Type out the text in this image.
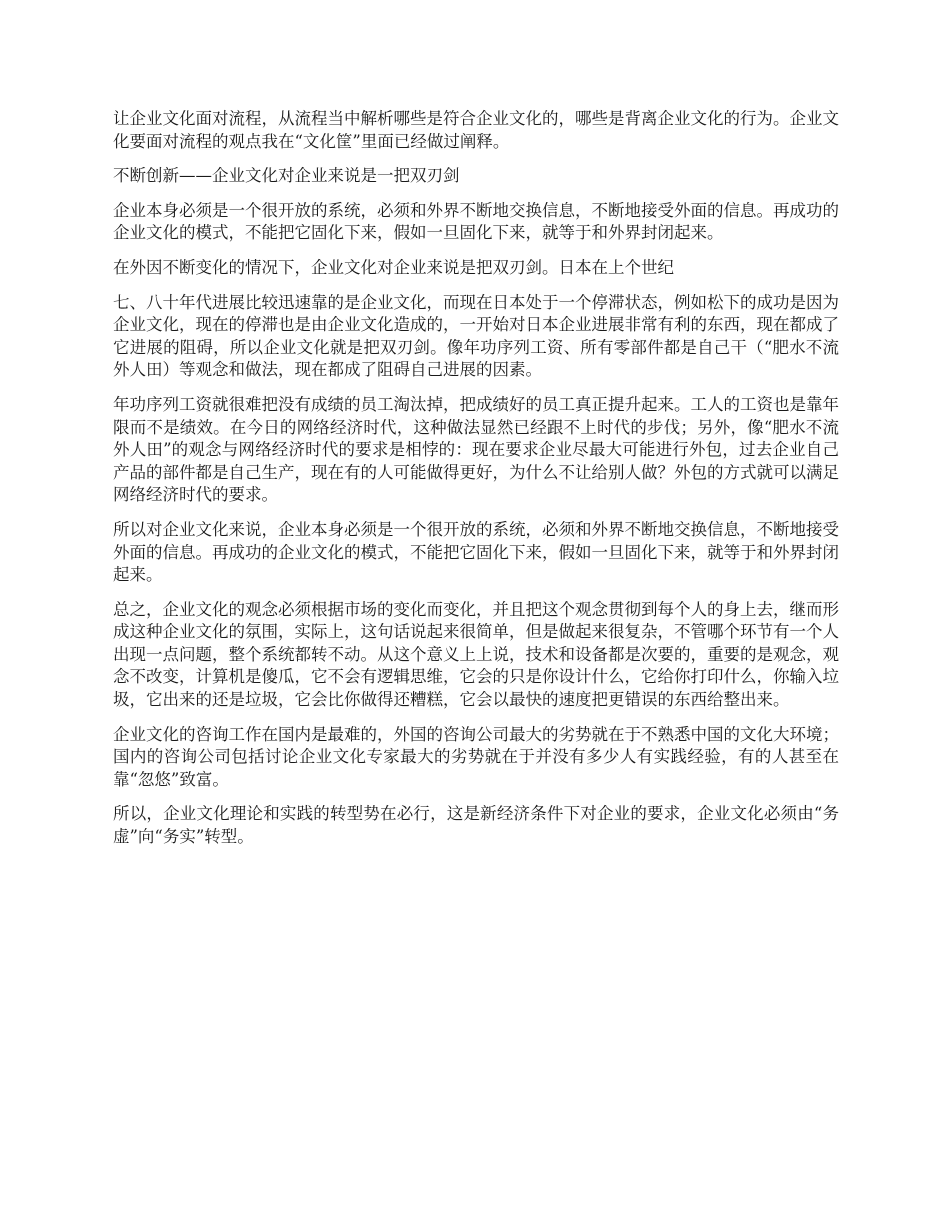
让企业文化面对流程，从流程当中解析哪些是符合企业文化的，哪些是背离企业文化的行为。企业文化要面对流程的观点我在“文化筐”里面已经做过阐释。

不断创新——企业文化对企业来说是一把双刃剑

企业本身必须是一个很开放的系统，必须和外界不断地交换信息，不断地接受外面的信息。再成功的企业文化的模式，不能把它固化下来，假如一旦固化下来，就等于和外界封闭起来。

在外因不断变化的情况下，企业文化对企业来说是把双刃剑。日本在上个世纪

七、八十年代进展比较迅速靠的是企业文化，而现在日本处于一个停滞状态，例如松下的成功是因为企业文化，现在的停滞也是由企业文化造成的，一开始对日本企业进展非常有利的东西，现在都成了它进展的阻碍，所以企业文化就是把双刃剑。像年功序列工资、所有零部件都是自己干（“肥水不流外人田）等观念和做法，现在都成了阻碍自己进展的因素。

年功序列工资就很难把没有成绩的员工淘汰掉，把成绩好的员工真正提升起来。工人的工资也是靠年限而不是绩效。在今日的网络经济时代，这种做法显然已经跟不上时代的步伐；另外，像“肥水不流外人田”的观念与网络经济时代的要求是相悖的：现在要求企业尽最大可能进行外包，过去企业自己产品的部件都是自己生产，现在有的人可能做得更好，为什么不让给别人做？外包的方式就可以满足网络经济时代的要求。

所以对企业文化来说，企业本身必须是一个很开放的系统，必须和外界不断地交换信息，不断地接受外面的信息。再成功的企业文化的模式，不能把它固化下来，假如一旦固化下来，就等于和外界封闭起来。

总之，企业文化的观念必须根据市场的变化而变化，并且把这个观念贯彻到每个人的身上去，继而形成这种企业文化的氛围，实际上，这句话说起来很简单，但是做起来很复杂，不管哪个环节有一个人出现一点问题，整个系统都转不动。从这个意义上上说，技术和设备都是次要的，重要的是观念，观念不改变，计算机是傻瓜，它不会有逻辑思维，它会的只是你设计什么，它给你打印什么，你输入垃圾，它出来的还是垃圾，它会比你做得还糟糕，它会以最快的速度把更错误的东西给整出来。

企业文化的咨询工作在国内是最难的，外国的咨询公司最大的劣势就在于不熟悉中国的文化大环境；国内的咨询公司包括讨论企业文化专家最大的劣势就在于并没有多少人有实践经验，有的人甚至在靠“忽悠”致富。

所以，企业文化理论和实践的转型势在必行，这是新经济条件下对企业的要求，企业文化必须由“务虚”向“务实”转型。
